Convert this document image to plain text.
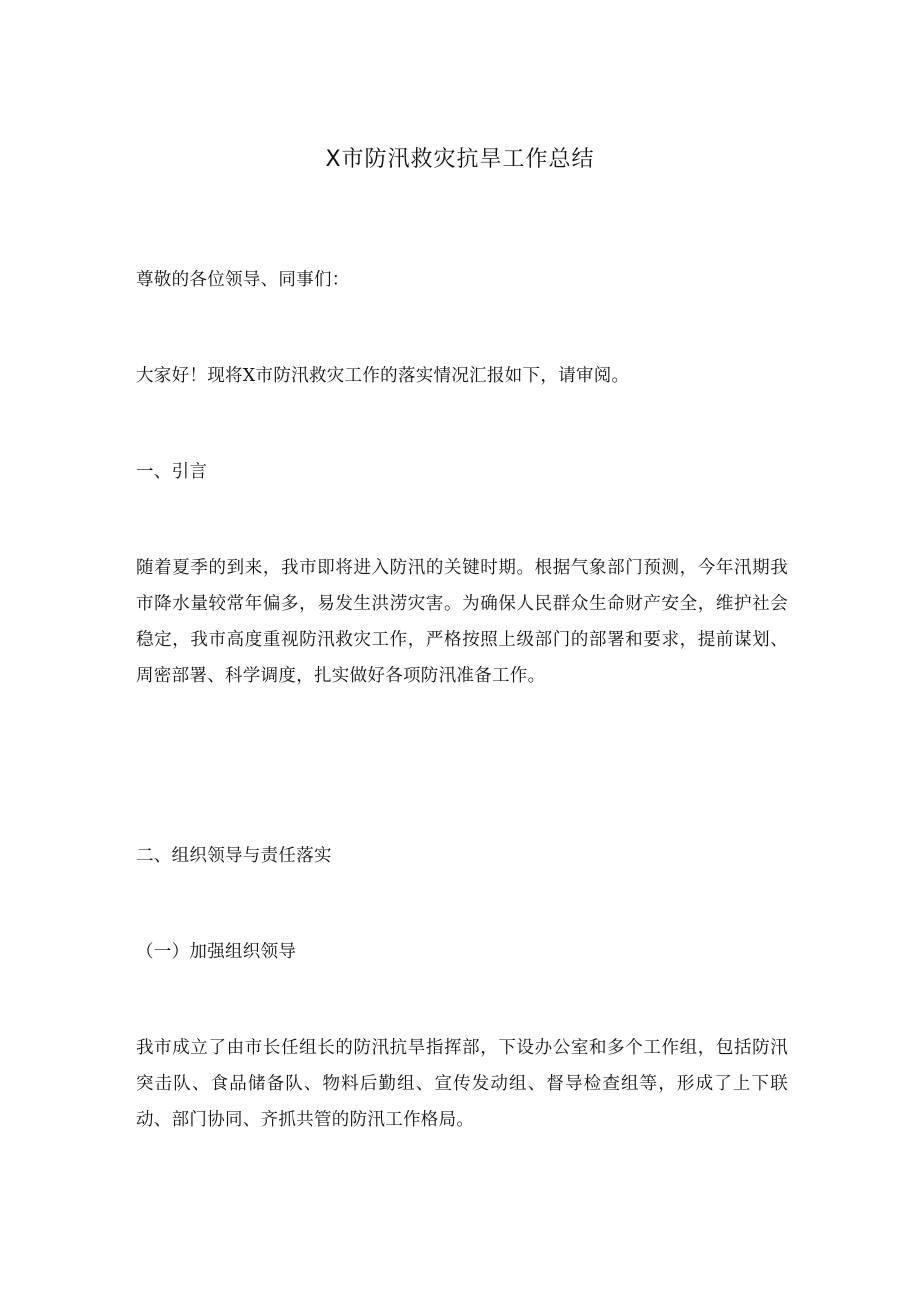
X市防汛救灾抗旱工作总结

尊敬的各位领导、同事们：

大家好！现将X市防汛救灾工作的落实情况汇报如下，请审阅。

一、引言

随着夏季的到来，我市即将进入防汛的关键时期。根据气象部门预测，今年汛期我市降水量较常年偏多，易发生洪涝灾害。为确保人民群众生命财产安全，维护社会稳定，我市高度重视防汛救灾工作，严格按照上级部门的部署和要求，提前谋划、周密部署、科学调度，扎实做好各项防汛准备工作。

二、组织领导与责任落实

（一）加强组织领导

我市成立了由市长任组长的防汛抗旱指挥部，下设办公室和多个工作组，包括防汛突击队、食品储备队、物料后勤组、宣传发动组、督导检查组等，形成了上下联动、部门协同、齐抓共管的防汛工作格局。
